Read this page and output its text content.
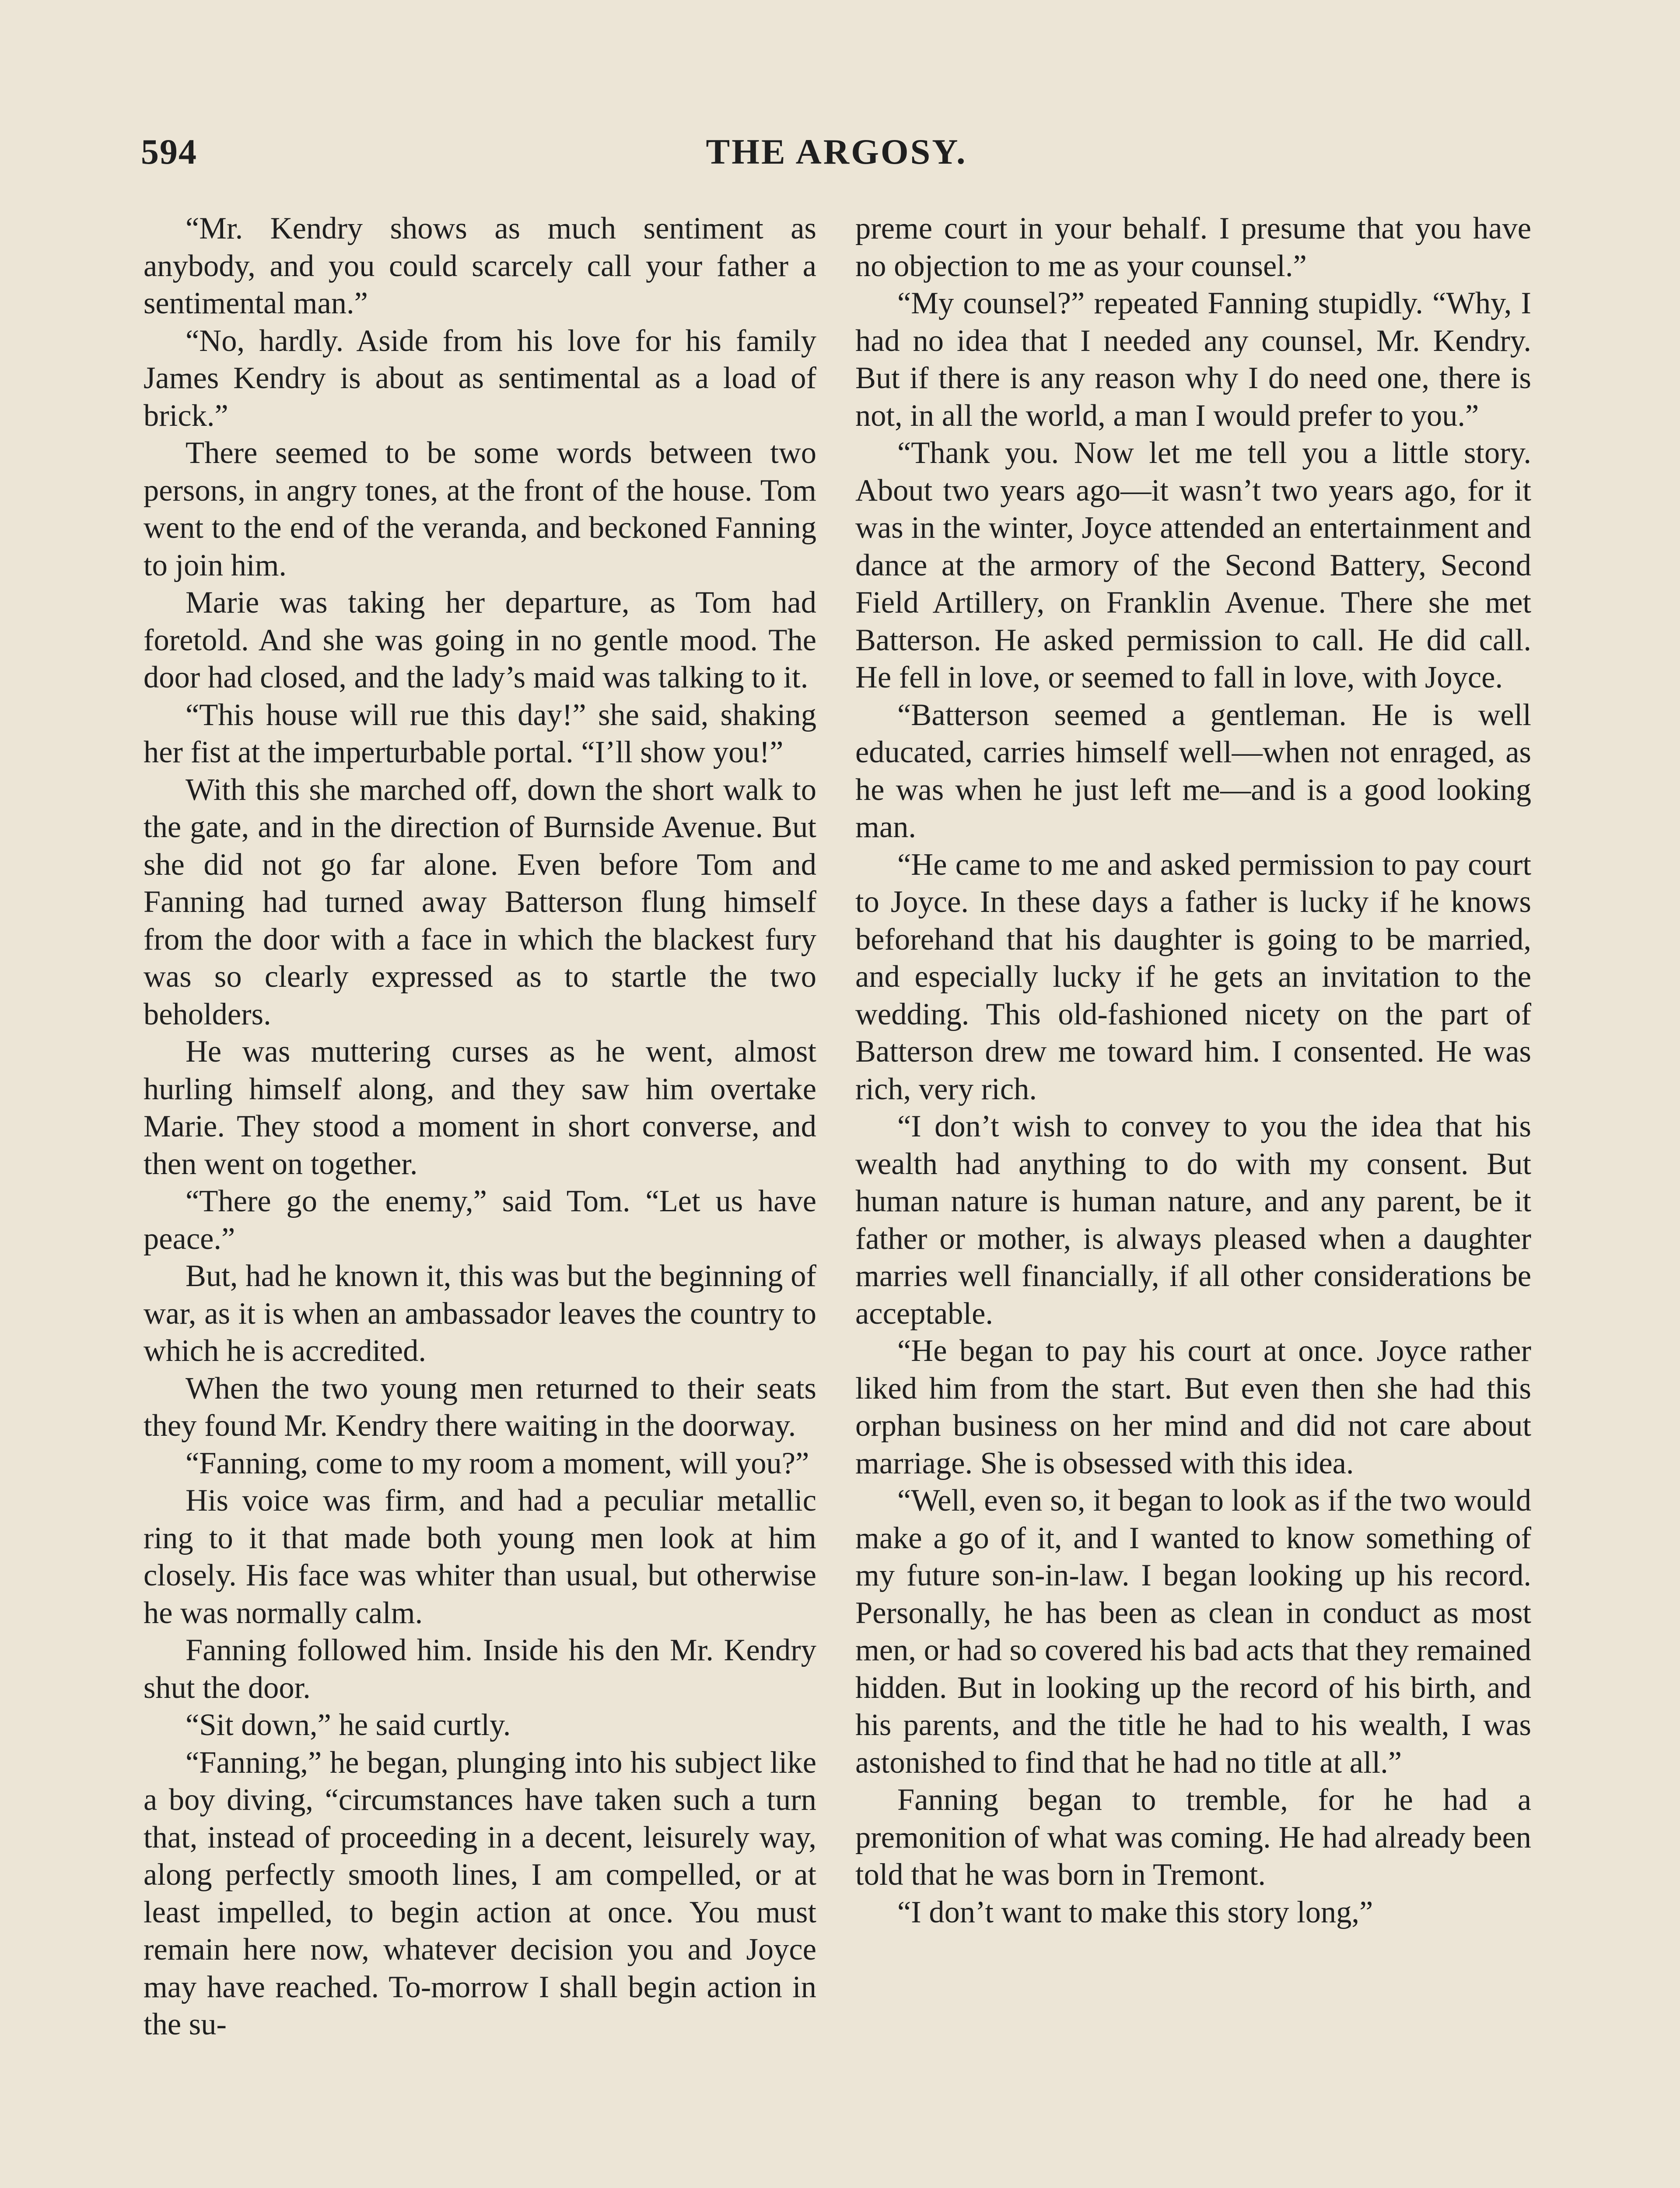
594	THE ARGOSY.

“Mr. Kendry shows as much sentiment as anybody, and you could scarcely call your father a sentimental man.”

“No, hardly. Aside from his love for his family James Kendry is about as sentimental as a load of brick.”

There seemed to be some words between two persons, in angry tones, at the front of the house. Tom went to the end of the veranda, and beckoned Fanning to join him.

Marie was taking her departure, as Tom had foretold. And she was going in no gentle mood. The door had closed, and the lady’s maid was talking to it.

“This house will rue this day!” she said, shaking her fist at the imperturbable portal. “I’ll show you!”

With this she marched off, down the short walk to the gate, and in the direction of Burnside Avenue. But she did not go far alone. Even before Tom and Fanning had turned away Batterson flung himself from the door with a face in which the blackest fury was so clearly expressed as to startle the two beholders.

He was muttering curses as he went, almost hurling himself along, and they saw him overtake Marie. They stood a moment in short converse, and then went on together.

“There go the enemy,” said Tom. “Let us have peace.”

But, had he known it, this was but the beginning of war, as it is when an ambassador leaves the country to which he is accredited.

When the two young men returned to their seats they found Mr. Kendry there waiting in the doorway.

“Fanning, come to my room a moment, will you?”

His voice was firm, and had a peculiar metallic ring to it that made both young men look at him closely. His face was whiter than usual, but otherwise he was normally calm.

Fanning followed him. Inside his den Mr. Kendry shut the door.

“Sit down,” he said curtly.

“Fanning,” he began, plunging into his subject like a boy diving, “circumstances have taken such a turn that, instead of proceeding in a decent, leisurely way, along perfectly smooth lines, I am compelled, or at least impelled, to begin action at once. You must remain here now, whatever decision you and Joyce may have reached. To-morrow I shall begin action in the su-

preme court in your behalf. I presume that you have no objection to me as your counsel.”

“My counsel?” repeated Fanning stupidly. “Why, I had no idea that I needed any counsel, Mr. Kendry. But if there is any reason why I do need one, there is not, in all the world, a man I would prefer to you.”

“Thank you. Now let me tell you a little story. About two years ago—it wasn’t two years ago, for it was in the winter, Joyce attended an entertainment and dance at the armory of the Second Battery, Second Field Artillery, on Franklin Avenue. There she met Batterson. He asked permission to call. He did call. He fell in love, or seemed to fall in love, with Joyce.

“Batterson seemed a gentleman. He is well educated, carries himself well—when not enraged, as he was when he just left me—and is a good looking man.

“He came to me and asked permission to pay court to Joyce. In these days a father is lucky if he knows beforehand that his daughter is going to be married, and especially lucky if he gets an invitation to the wedding. This old-fashioned nicety on the part of Batterson drew me toward him. I consented. He was rich, very rich.

“I don’t wish to convey to you the idea that his wealth had anything to do with my consent. But human nature is human nature, and any parent, be it father or mother, is always pleased when a daughter marries well financially, if all other considerations be acceptable.

“He began to pay his court at once. Joyce rather liked him from the start. But even then she had this orphan business on her mind and did not care about marriage. She is obsessed with this idea.

“Well, even so, it began to look as if the two would make a go of it, and I wanted to know something of my future son-in-law. I began looking up his record. Personally, he has been as clean in conduct as most men, or had so covered his bad acts that they remained hidden. But in looking up the record of his birth, and his parents, and the title he had to his wealth, I was astonished to find that he had no title at all.”

Fanning began to tremble, for he had a premonition of what was coming. He had already been told that he was born in Tremont.

“I don’t want to make this story long,”
